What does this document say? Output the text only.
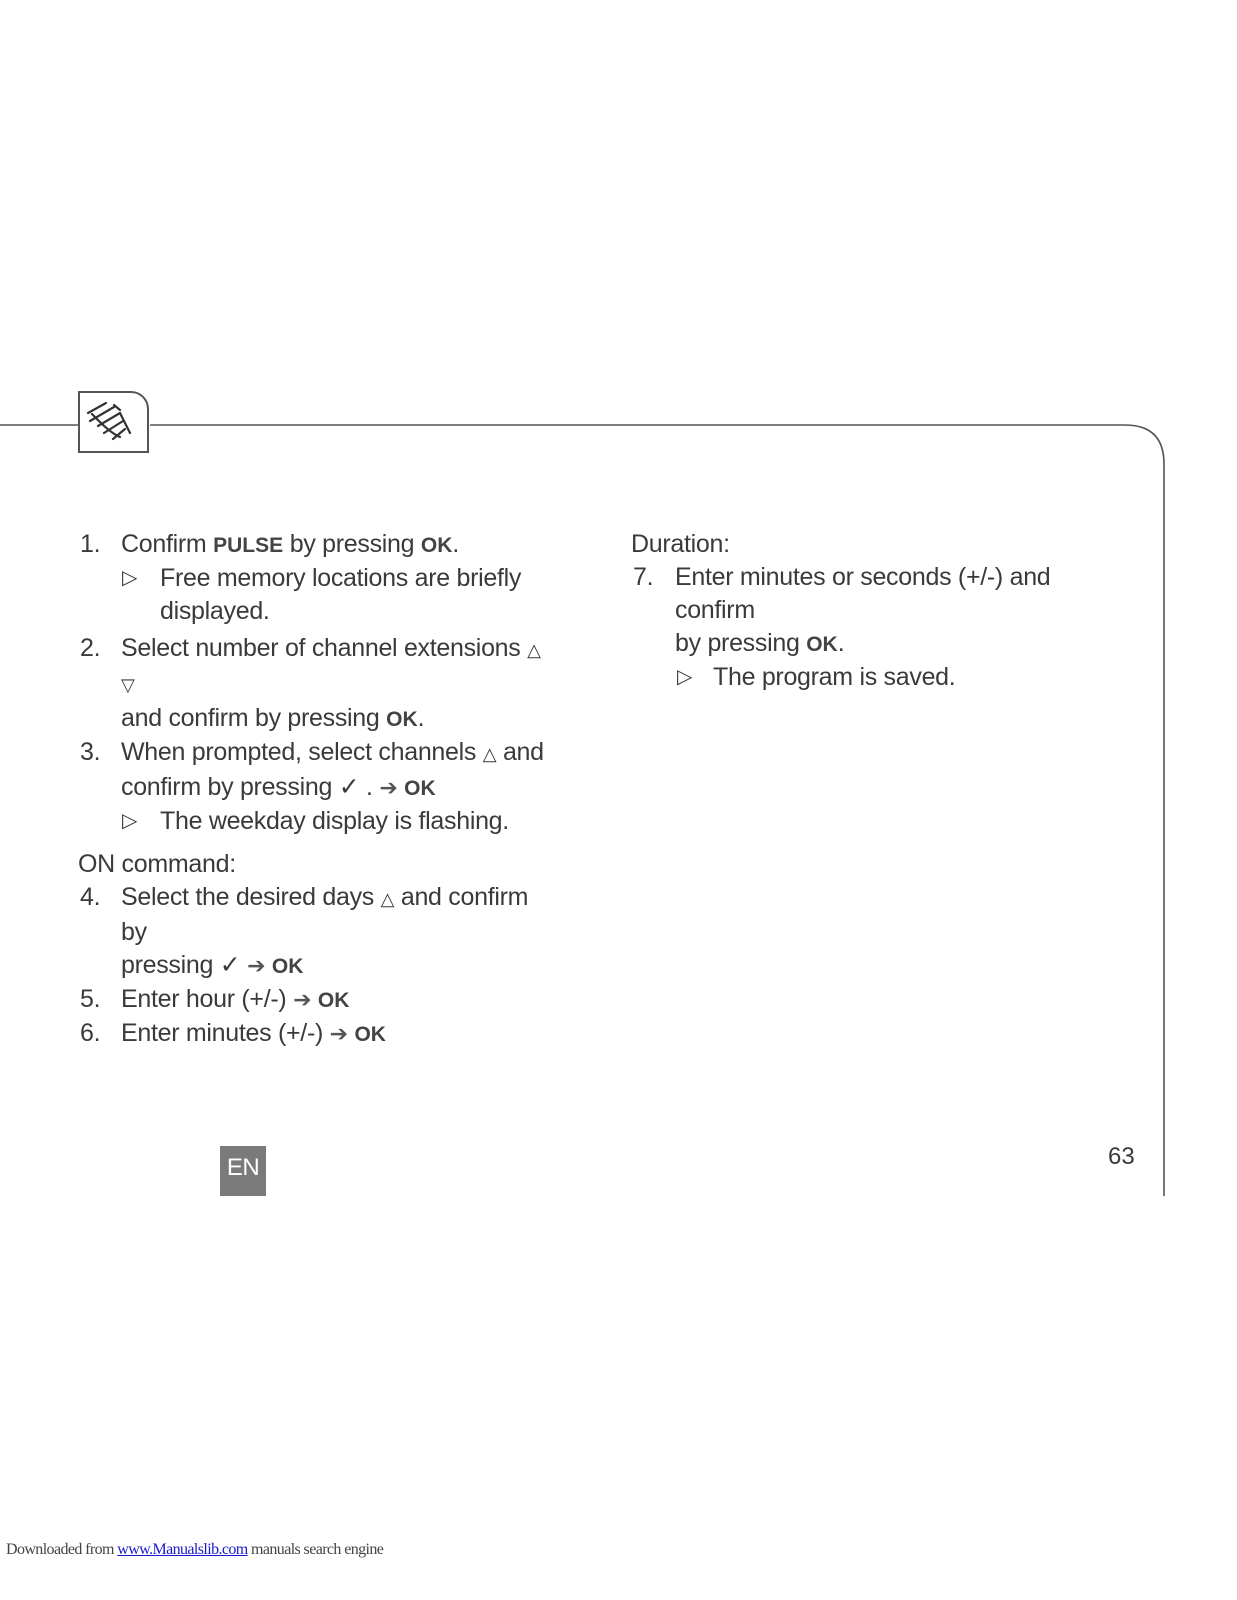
1. Confirm PULSE by pressing OK.
▷ Free memory locations are briefly
displayed.
2. Select number of channel extensions △ ▽
and confirm by pressing OK.
3. When prompted, select channels △ and
confirm by pressing ✓ . ➔ OK
▷ The weekday display is flashing.
ON command:
4. Select the desired days △ and confirm by
pressing ✓ ➔ OK
5. Enter hour (+/-) ➔ OK
6. Enter minutes (+/-) ➔ OK
Duration:
7. Enter minutes or seconds (+/-) and confirm
by pressing OK.
▷ The program is saved.
EN	63
Downloaded from www.Manualslib.com manuals search engine
